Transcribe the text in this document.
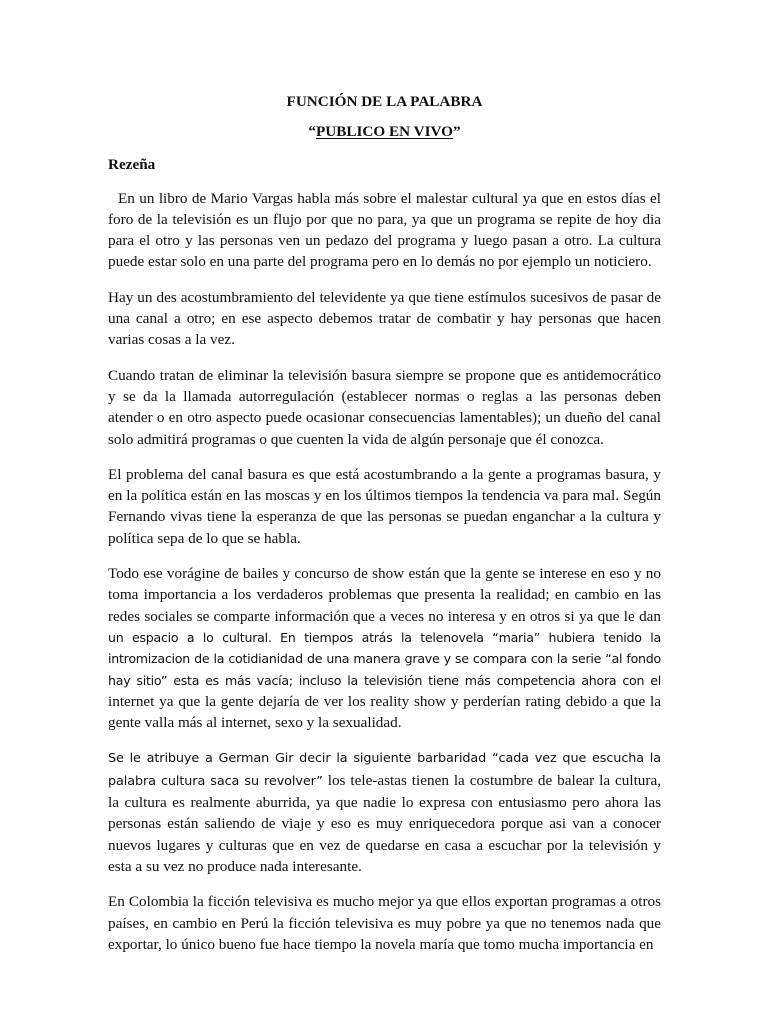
FUNCIÓN DE LA PALABRA
“PUBLICO EN VIVO”
Rezeña

En un libro de Mario Vargas habla más sobre el malestar cultural ya que en estos días el foro de la televisión es un flujo por que no para, ya que un programa se repite de hoy dia para el otro y las personas ven un pedazo del programa y luego pasan a otro. La cultura puede estar solo en una parte del programa pero en lo demás no por ejemplo un noticiero.

Hay un des acostumbramiento del televidente ya que tiene estímulos sucesivos de pasar de una canal a otro; en ese aspecto debemos tratar de combatir y hay personas que hacen varias cosas a la vez.

Cuando tratan de eliminar la televisión basura siempre se propone que es antidemocrático y se da la llamada autorregulación (establecer normas o reglas a las personas deben atender o en otro aspecto puede ocasionar consecuencias lamentables); un dueño del canal solo admitirá programas o que cuenten la vida de algún personaje que él conozca.

El problema del canal basura es que está acostumbrando a la gente a programas basura, y en la política están en las moscas y en los últimos tiempos la tendencia va para mal. Según Fernando vivas tiene la esperanza de que las personas se puedan enganchar a la cultura y política sepa de lo que se habla.

Todo ese vorágine de bailes y concurso de show están que la gente se interese en eso y no toma importancia a los verdaderos problemas que presenta la realidad; en cambio en las redes sociales se comparte información que a veces no interesa y en otros si ya que le dan un espacio a lo cultural. En tiempos atrás la telenovela “maria” hubiera tenido la intromizacion de la cotidianidad de una manera grave y se compara con la serie “al fondo hay sitio” esta es más vacía; incluso la televisión tiene más competencia ahora con el internet ya que la gente dejaría de ver los reality show y perderían rating debido a que la gente valla más al internet, sexo y la sexualidad.

Se le atribuye a German Gir decir la siguiente barbaridad “cada vez que escucha la palabra cultura saca su revolver” los tele-astas tienen la costumbre de balear la cultura, la cultura es realmente aburrida, ya que nadie lo expresa con entusiasmo pero ahora las personas están saliendo de viaje y eso es muy enriquecedora porque asi van a conocer nuevos lugares y culturas que en vez de quedarse en casa a escuchar por la televisión y esta a su vez no produce nada interesante.

En Colombia la ficción televisiva es mucho mejor ya que ellos exportan programas a otros países, en cambio en Perú la ficción televisiva es muy pobre ya que no tenemos nada que exportar, lo único bueno fue hace tiempo la novela maría que tomo mucha importancia en
